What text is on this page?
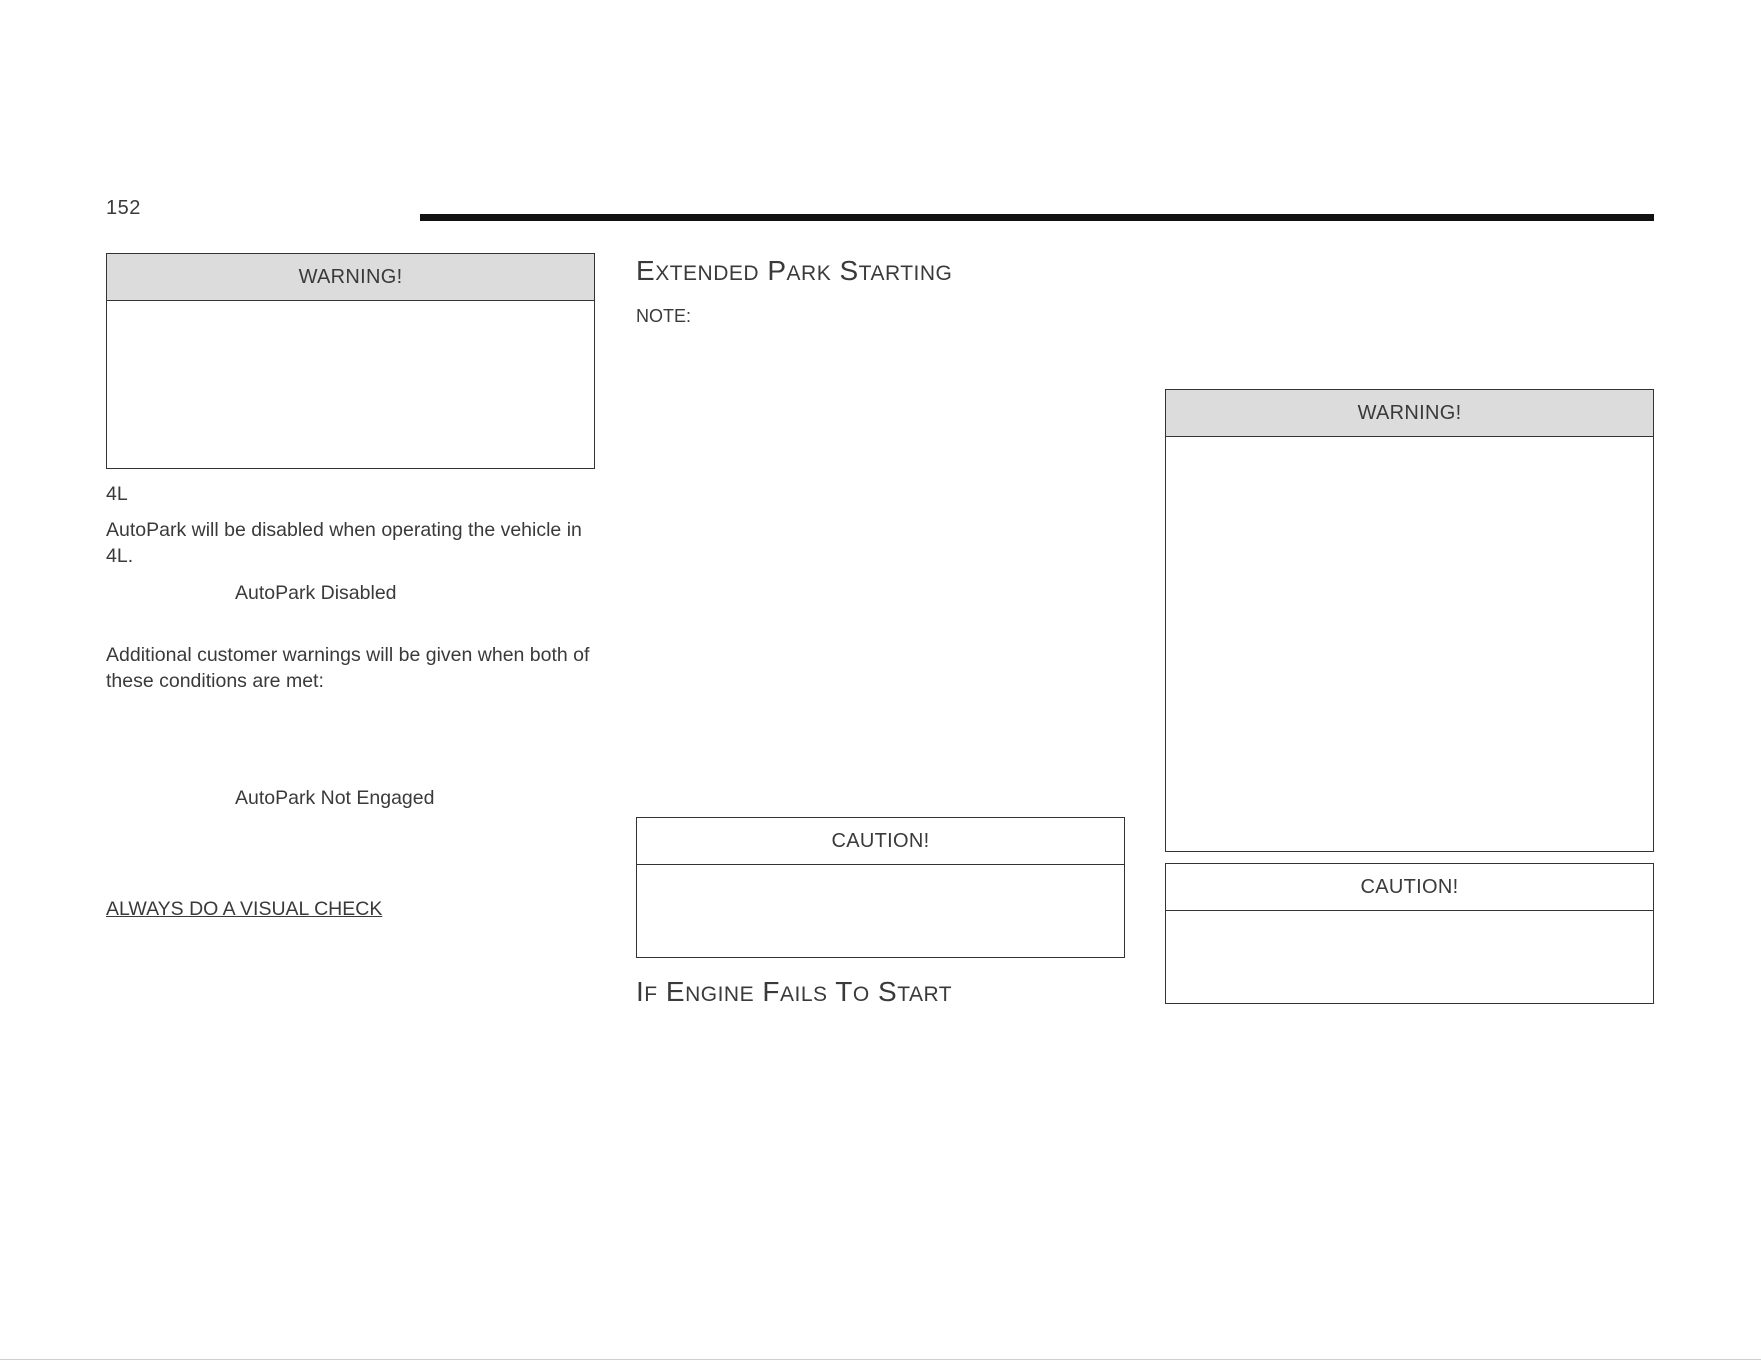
152
WARNING!
4L
AutoPark will be disabled when operating the vehicle in 4L.
AutoPark Disabled
Additional customer warnings will be given when both of these conditions are met:
AutoPark Not Engaged
ALWAYS DO A VISUAL CHECK
EXTENDED PARK STARTING
NOTE:
CAUTION!
IF ENGINE FAILS TO START
WARNING!
CAUTION!
